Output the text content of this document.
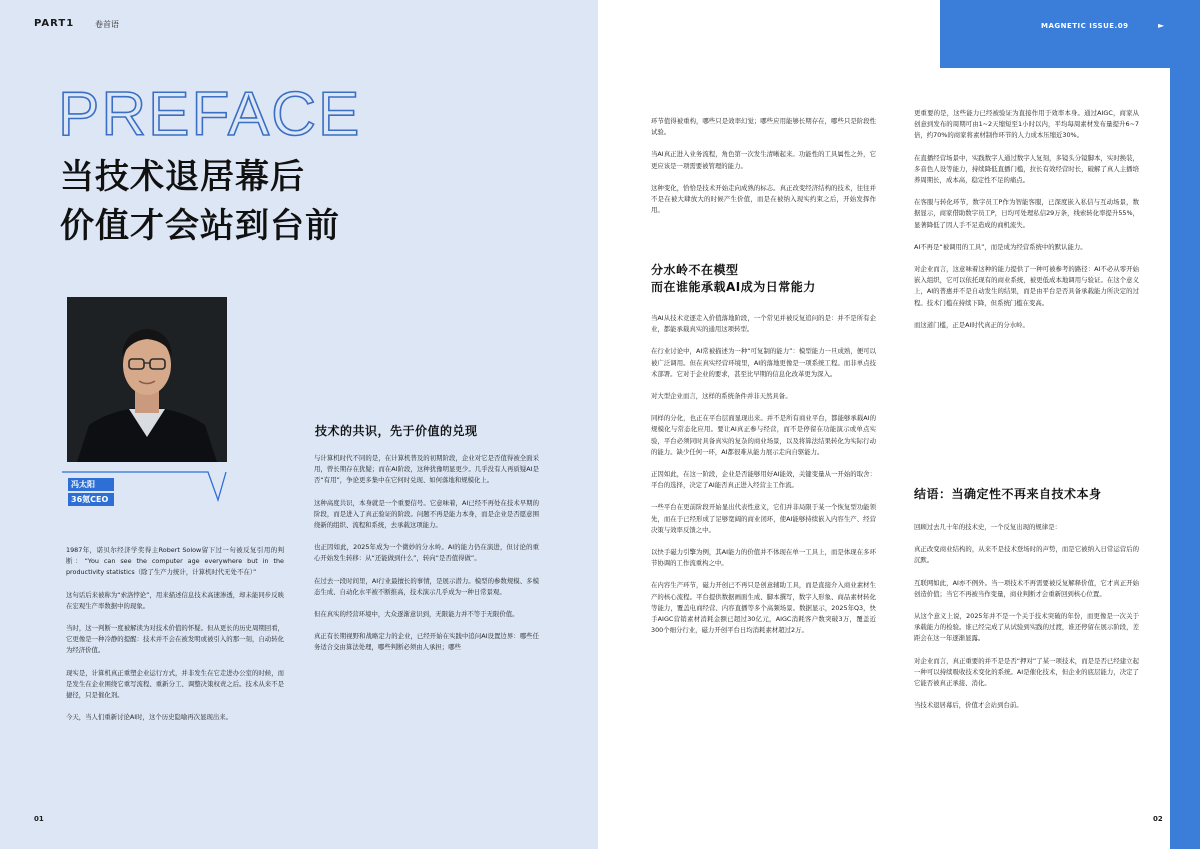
PART1	卷首语
PREFACE
当技术退居幕后
价值才会站到台前
冯太阳
36氪CEO

1987年，诺贝尔经济学奖得主Robert Solow留下过一句被反复引用的判断：“You can see the computer age everywhere but in the productivity statistics（除了生产力统计，计算机时代无处不在）”

这句话后来被称为“索洛悖论”，用来描述信息技术高速渗透，却未能同步反映在宏观生产率数据中的现象。

当时，这一判断一度被解读为对技术价值的怀疑。但从更长的历史周期回看，它更像是一种冷静的提醒：技术并不会在被发明或被引入的那一刻，自动转化为经济价值。

现实是，计算机真正重塑企业运行方式，并非发生在它走进办公室的时候，而是发生在企业围绕它重写流程、重新分工、调整决策权责之后。技术从来不是捷径，只是催化剂。

今天，当人们重新讨论AI时，这个历史隐喻再次显现出来。

技术的共识，先于价值的兑现

与计算机时代不同的是，在计算机普及的初期阶段，企业对它是否值得被全面采用，曾长期存在犹疑；而在AI阶段，这种犹豫明显更少。几乎没有人再质疑AI是否“有用”，争论更多集中在它何时兑现、如何落地和规模化上。

这种高度共识，本身就是一个重要信号。它意味着，AI已经不再处在技术早期的阶段，而是进入了真正验证的阶段。问题不再是能力本身，而是企业是否愿意围绕新的组织、流程和系统，去承载这项能力。

也正因如此，2025年成为一个微妙的分水岭。AI的能力仍在演进，但讨论的重心开始发生转移：从“还能做到什么”，转向“是否值得做”。

在过去一段时间里，AI行业最擅长的事情，是展示潜力。模型的参数规模、多模态生成、自动化水平被不断推高，技术演示几乎成为一种日常景观。

但在真实的经营环境中，大众逐渐意识到，无限能力并不等于无限价值。

真正有长期视野和战略定力的企业，已经开始在实践中追问AI设置边界：哪些任务适合交由算法处理，哪些判断必须由人承担；哪些

01
MAGNETIC ISSUE.09	►

环节值得被重构，哪些只是效率幻觉；哪些应用能够长期存在，哪些只是阶段性试验。

当AI真正进入业务流程，角色第一次发生清晰起来。功能性的工具属性之外，它更应该是一项需要被管理的能力。

这种变化，恰恰是技术开始走向成熟的标志。真正改变经济结构的技术，往往并不是在被大肆放大的时候产生价值，而是在被纳入现实约束之后，开始发挥作用。

分水岭不在模型
而在谁能承载AI成为日常能力

当AI从技术竞逐走入价值落地阶段，一个常见并被反复追问的是：并不是所有企业，都能承载真实的通用这项转型。

在行业讨论中，AI常被描述为一种“可复制的能力”：模型能力一旦成熟，便可以被广泛调用。但在真实经营环境里，AI的落地更像是一项系统工程。而非单点技术部署。它对于企业的要求，甚至比早期的信息化改革更为深入。

对大型企业而言，这样的系统条件并非天然具备。

同样的分化，也正在平台层面显现出来。并不是所有商业平台，都能够承载AI的规模化与常态化应用。要让AI真正参与经营，而不是停留在功能演示或单点实验，平台必须同时具备真实的复杂的商业场景，以及将算法结果转化为实际行动的能力。缺少任何一环，AI都很难从能力展示走向自驱能力。

正因如此，在这一阶段，企业是否能够用好AI能效，关键变量从一开始的取舍：平台的选择，决定了AI能否真正进入经营主工作流。

一些平台在更前阶段开始显出代表性意义，它们并非局限于某一个恢复型功能领先，而在于已经形成了足够宽阔的商业闭环，使AI能够持续嵌入内容生产、经营决策与效率反馈之中。

以快手磁力引擎为例，其AI能力的价值并不体现在单一工具上，而是体现在多环节协调的工作流重构之中。

在内容生产环节，磁力开创已不再只是创意辅助工具，而是直接介入商业素材生产的核心流程。平台提供数据画面生成、脚本撰写，数字人形象、商品素材转化等能力，覆盖电商经营、内容直播等多个高频场景。数据显示，2025年Q3，快手AIGC营销素材消耗金额已超过30亿元，AIGC消耗客户数突破3万，覆盖近300个细分行业，磁力开创平台日均消耗素材超过2万。

更重要的是，这些能力已经被验证为直接作用于效率本身。通过AIGC，商家从创意到发布的周期可由1~2天缩短至1小时以内，平均每周素材发布量提升6~7倍，约70%的商家将素材制作环节的人力成本压缩近30%。

在直播经营场景中，实践数字人通过数字人复刻，多镜头分镜脚本，实时换装，多音色人设等能力，持续降低直播门槛，拉长有效经营时长，破解了真人主播培养周期长，成本高，稳定性不足的痛点。

在客服与转化环节，数字员工P作为智能客服，已深度嵌入私信与互动场景，数据显示，商家借助数字员工P，日均可处理私信29万条，线索转化率提升55%，显著降低了因人手不足造成的商机流失。

AI不再是“被调用的工具”，而是成为经营系统中的默认能力。

对企业而言，这意味着这种的能力提供了一种可被参考的路径：AI不必从零开始嵌入组织，它可以依托现有的商业系统，被更低成本地调用与验证。在这个意义上，AI的普惠并不是自动发生的结果，而是由平台是否具备承载能力所决定的过程。技术门槛在持续下降，但系统门槛在变高。

而这道门槛，正是AI时代真正的分水岭。

结语：当确定性不再来自技术本身

回顾过去几十年的技术史，一个反复出现的规律是：

真正改变商业结构的，从来不是技术登场时的声势，而是它被纳入日常运营后的沉默。

互联网如此，AI亦不例外。当一项技术不再需要被反复解释价值，它才真正开始创造价值；当它不再被当作变量，商业判断才会重新回到核心位置。

从这个意义上说，2025年并不是一个关于技术突破的年份，而更像是一次关于承载能力的检验。谁已经完成了从试验到实践的过渡，谁还停留在展示阶段，差距会在这一年逐渐显露。

对企业而言，真正重要的并不是是否“押对”了某一项技术，而是是否已经建立起一种可以持续吸收技术变化的系统。AI是催化技术，但企业的底层能力，决定了它能否被真正承接、消化。

当技术退居幕后，价值才会站到台前。

02
